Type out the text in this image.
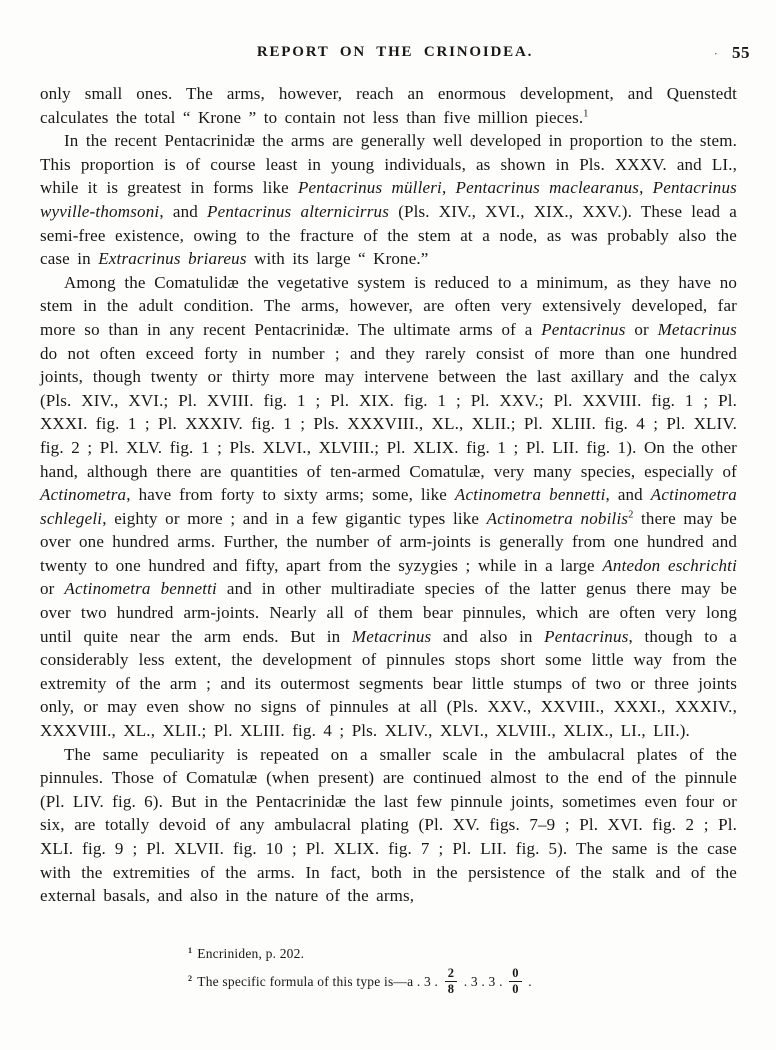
REPORT ON THE CRINOIDEA.	· 55

only small ones. The arms, however, reach an enormous development, and Quenstedt calculates the total “ Krone ” to contain not less than five million pieces.$^1$

In the recent Pentacrinidæ the arms are generally well developed in proportion to the stem. This proportion is of course least in young individuals, as shown in Pls. XXXV. and LI., while it is greatest in forms like Pentacrinus mülleri, Pentacrinus maclearanus, Pentacrinus wyville-thomsoni, and Pentacrinus alternicirrus (Pls. XIV., XVI., XIX., XXV.). These lead a semi-free existence, owing to the fracture of the stem at a node, as was probably also the case in Extracrinus briareus with its large “ Krone.”

Among the Comatulidæ the vegetative system is reduced to a minimum, as they have no stem in the adult condition. The arms, however, are often very extensively developed, far more so than in any recent Pentacrinidæ. The ultimate arms of a Pentacrinus or Metacrinus do not often exceed forty in number ; and they rarely consist of more than one hundred joints, though twenty or thirty more may intervene between the last axillary and the calyx (Pls. XIV., XVI.; Pl. XVIII. fig. 1 ; Pl. XIX. fig. 1 ; Pl. XXV.; Pl. XXVIII. fig. 1 ; Pl. XXXI. fig. 1 ; Pl. XXXIV. fig. 1 ; Pls. XXXVIII., XL., XLII.; Pl. XLIII. fig. 4 ; Pl. XLIV. fig. 2 ; Pl. XLV. fig. 1 ; Pls. XLVI., XLVIII.; Pl. XLIX. fig. 1 ; Pl. LII. fig. 1). On the other hand, although there are quantities of ten-armed Comatulæ, very many species, especially of Actinometra, have from forty to sixty arms; some, like Actinometra bennetti, and Actinometra schlegeli, eighty or more ; and in a few gigantic types like Actinometra nobilis$^2$ there may be over one hundred arms. Further, the number of arm-joints is generally from one hundred and twenty to one hundred and fifty, apart from the syzygies ; while in a large Antedon eschrichti or Actinometra bennetti and in other multiradiate species of the latter genus there may be over two hundred arm-joints. Nearly all of them bear pinnules, which are often very long until quite near the arm ends. But in Metacrinus and also in Pentacrinus, though to a considerably less extent, the development of pinnules stops short some little way from the extremity of the arm ; and its outermost segments bear little stumps of two or three joints only, or may even show no signs of pinnules at all (Pls. XXV., XXVIII., XXXI., XXXIV., XXXVIII., XL., XLII.; Pl. XLIII. fig. 4 ; Pls. XLIV., XLVI., XLVIII., XLIX., LI., LII.).

The same peculiarity is repeated on a smaller scale in the ambulacral plates of the pinnules. Those of Comatulæ (when present) are continued almost to the end of the pinnule (Pl. LIV. fig. 6). But in the Pentacrinidæ the last few pinnule joints, sometimes even four or six, are totally devoid of any ambulacral plating (Pl. XV. figs. 7–9 ; Pl. XVI. fig. 2 ; Pl. XLI. fig. 9 ; Pl. XLVII. fig. 10 ; Pl. XLIX. fig. 7 ; Pl. LII. fig. 5). The same is the case with the extremities of the arms. In fact, both in the persistence of the stalk and of the external basals, and also in the nature of the arms,

$^1$ Encriniden, p. 202.
$^2$ The specific formula of this type is—a . 3 . $\frac{2}{8}$ . 3 . 3 . $\frac{0}{0}$ .
